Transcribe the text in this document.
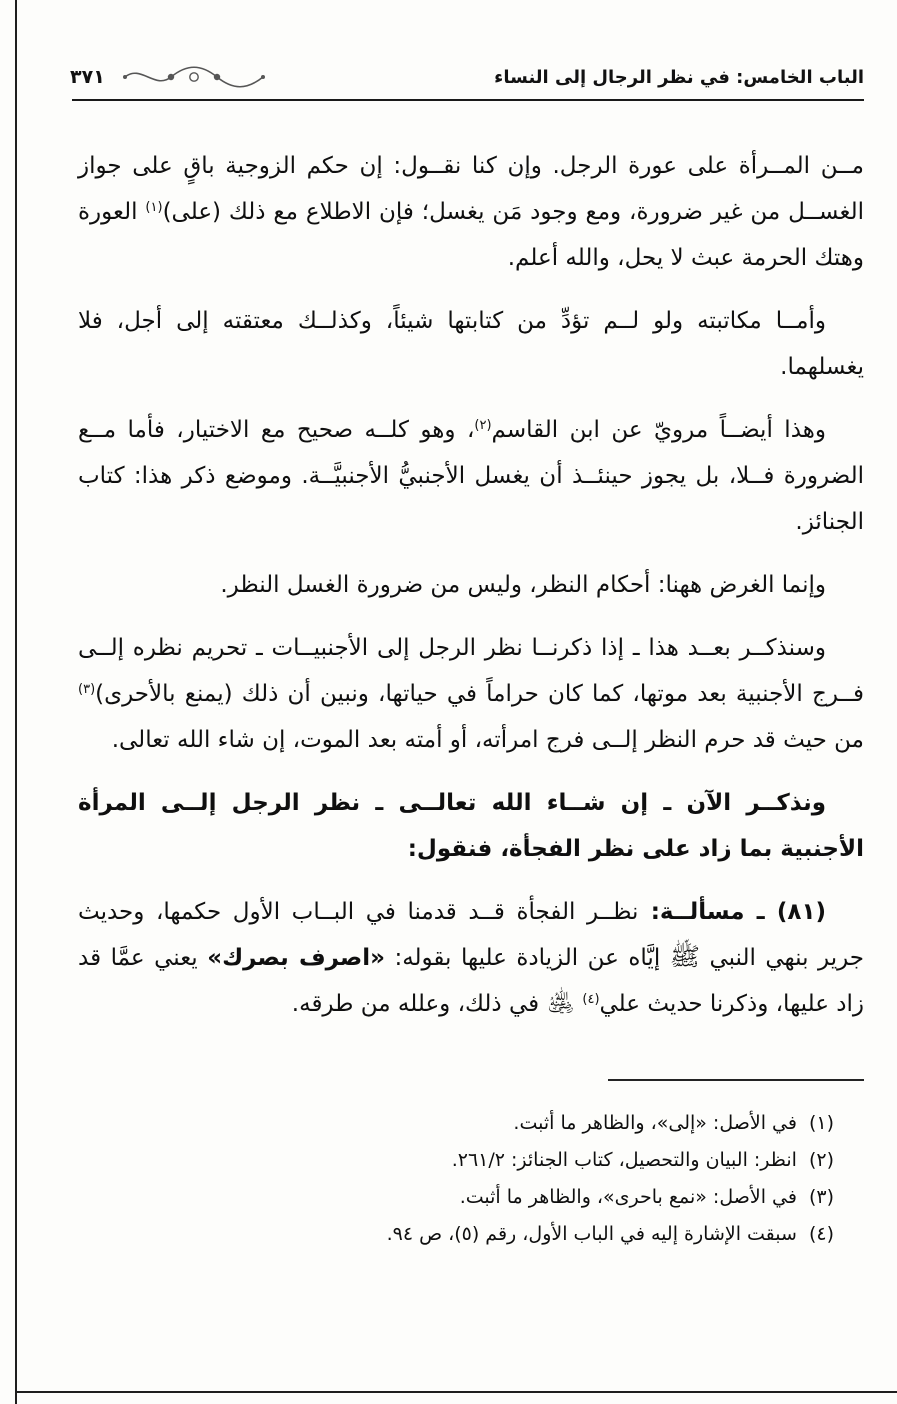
الباب الخامس: في نظر الرجال إلى النساء
٣٧١

مــن المــرأة على عورة الرجل. وإن كنا نقــول: إن حكم الزوجية باقٍ على جواز الغســل من غير ضرورة، ومع وجود مَن يغسل؛ فإن الاطلاع مع ذلك (على)$^{(١)}$ العورة وهتك الحرمة عبث لا يحل، والله أعلم.

وأمــا مكاتبته ولو لــم تؤدِّ من كتابتها شيئاً، وكذلــك معتقته إلى أجل، فلا يغسلهما.

وهذا أيضــاً مرويّ عن ابن القاسم$^{(٢)}$، وهو كلــه صحيح مع الاختيار، فأما مــع الضرورة فــلا، بل يجوز حينئــذ أن يغسل الأجنبيُّ الأجنبيَّــة. وموضع ذكر هذا: كتاب الجنائز.

وإنما الغرض ههنا: أحكام النظر، وليس من ضرورة الغسل النظر.

وسنذكــر بعــد هذا ـ إذا ذكرنــا نظر الرجل إلى الأجنبيــات ـ تحريم نظره إلــى فــرج الأجنبية بعد موتها، كما كان حراماً في حياتها، ونبين أن ذلك (يمنع بالأحرى)$^{(٣)}$ من حيث قد حرم النظر إلــى فرج امرأته، أو أمته بعد الموت، إن شاء الله تعالى.

ونذكــر الآن ـ إن شــاء الله تعالــى ـ نظر الرجل إلــى المرأة الأجنبية بما زاد على نظر الفجأة، فنقول:

(٨١) ـ مسألــة: نظــر الفجأة قــد قدمنا في البــاب الأول حكمها، وحديث جرير بنهي النبي ﷺ إيَّاه عن الزيادة عليها بقوله: «اصرف بصرك» يعني عمَّا قد زاد عليها، وذكرنا حديث علي$^{(٤)}$ ﵁ في ذلك، وعلله من طرقه.

(١)
في الأصل: «إلى»، والظاهر ما أثبت.
(٢)
انظر: البيان والتحصيل، كتاب الجنائز: ٢٦١/٢.
(٣)
في الأصل: «نمع باحرى»، والظاهر ما أثبت.
(٤)
سبقت الإشارة إليه في الباب الأول، رقم (٥)، ص ٩٤.
